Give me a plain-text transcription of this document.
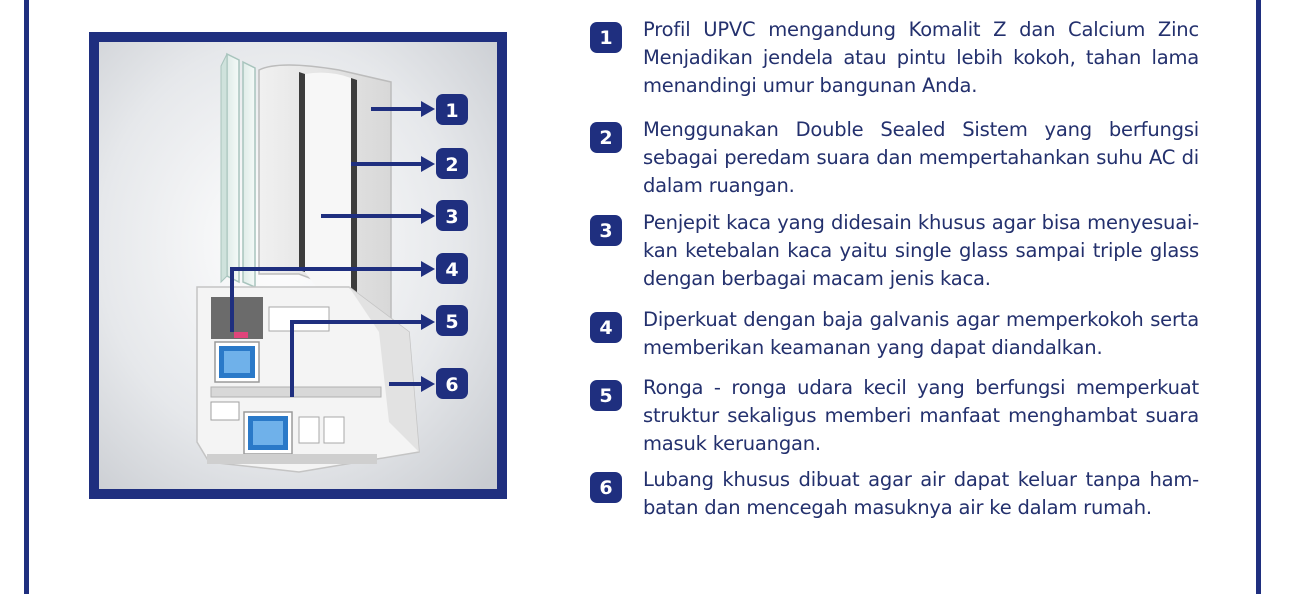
1
2
3
4
5
6
1	Profil UPVC mengandung Komalit Z dan Calcium Zinc Menjadikan jendela atau pintu lebih kokoh, tahan lama menandingi umur bangunan Anda.
2	Menggunakan Double Sealed Sistem yang berfungsi sebagai peredam suara dan mempertahankan suhu AC di dalam ruangan.
3	Penjepit kaca yang didesain khusus agar bisa menyesuai-kan ketebalan kaca yaitu single glass sampai triple glass dengan berbagai macam jenis kaca.
4	Diperkuat dengan baja galvanis agar memperkokoh serta memberikan keamanan yang dapat diandalkan.
5	Ronga - ronga udara kecil yang berfungsi memperkuat struktur sekaligus memberi manfaat menghambat suara masuk keruangan.
6	Lubang khusus dibuat agar air dapat keluar tanpa ham-batan dan mencegah masuknya air ke dalam rumah.
